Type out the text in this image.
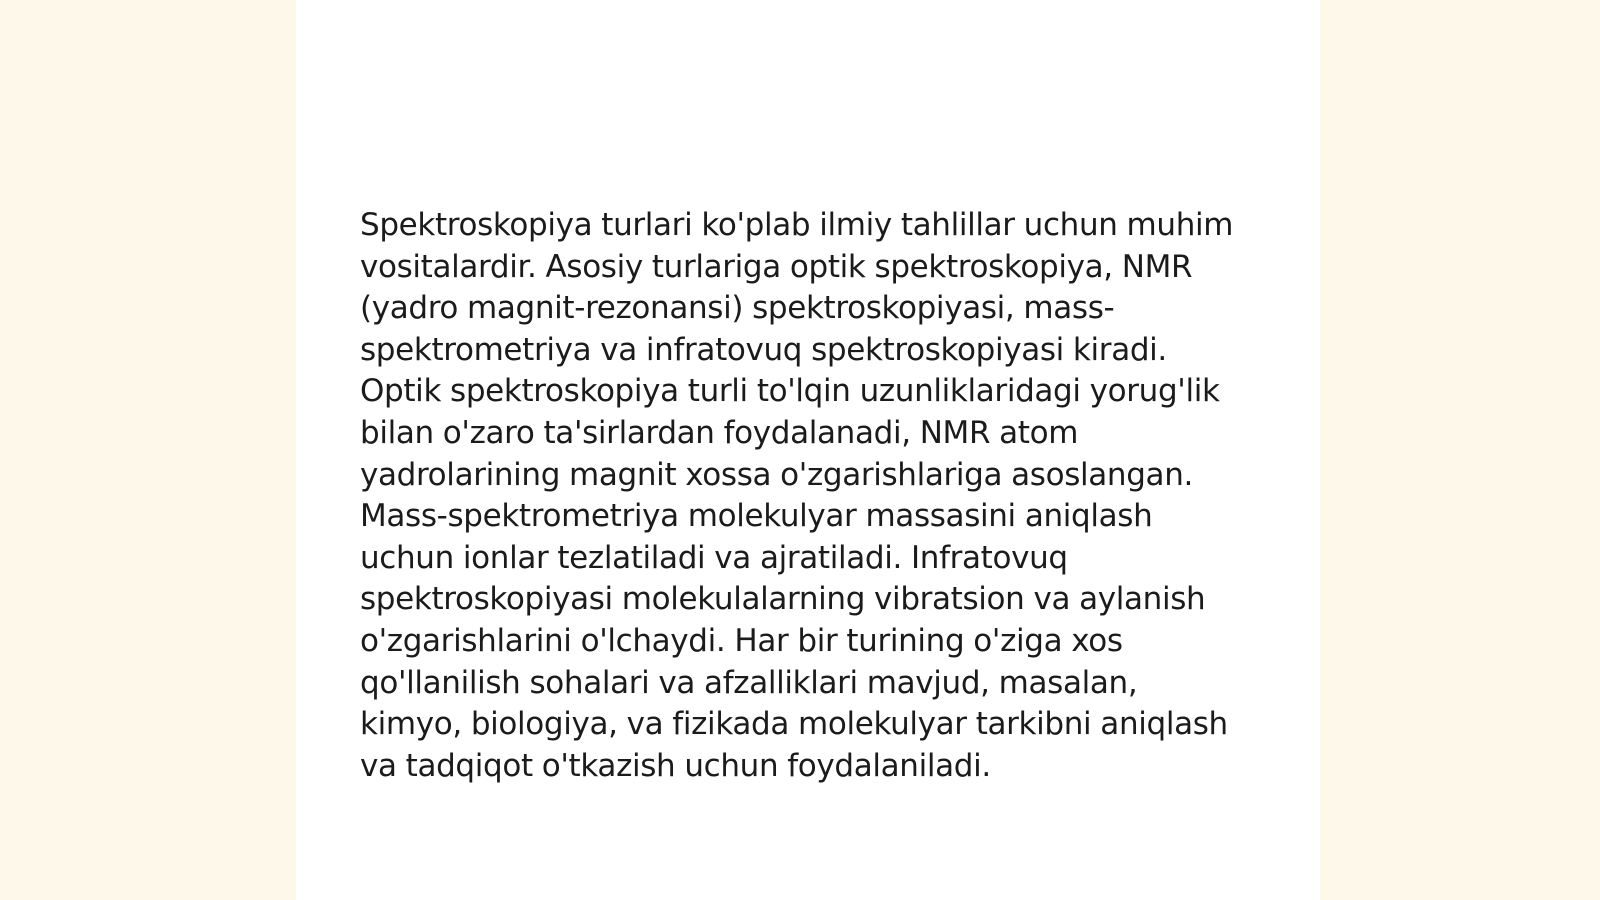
Spektroskopiya turlari ko'plab ilmiy tahlillar uchun muhim vositalardir. Asosiy turlariga optik spektroskopiya, NMR (yadro magnit-rezonansi) spektroskopiyasi, mass-spektrometriya va infratovuq spektroskopiyasi kiradi. Optik spektroskopiya turli to'lqin uzunliklaridagi yorug'lik bilan o'zaro ta'sirlardan foydalanadi, NMR atom yadrolarining magnit xossa o'zgarishlariga asoslangan. Mass-spektrometriya molekulyar massasini aniqlash uchun ionlar tezlatiladi va ajratiladi. Infratovuq spektroskopiyasi molekulalarning vibratsion va aylanish o'zgarishlarini o'lchaydi. Har bir turining o'ziga xos qo'llanilish sohalari va afzalliklari mavjud, masalan, kimyo, biologiya, va fizikada molekulyar tarkibni aniqlash va tadqiqot o'tkazish uchun foydalaniladi.
